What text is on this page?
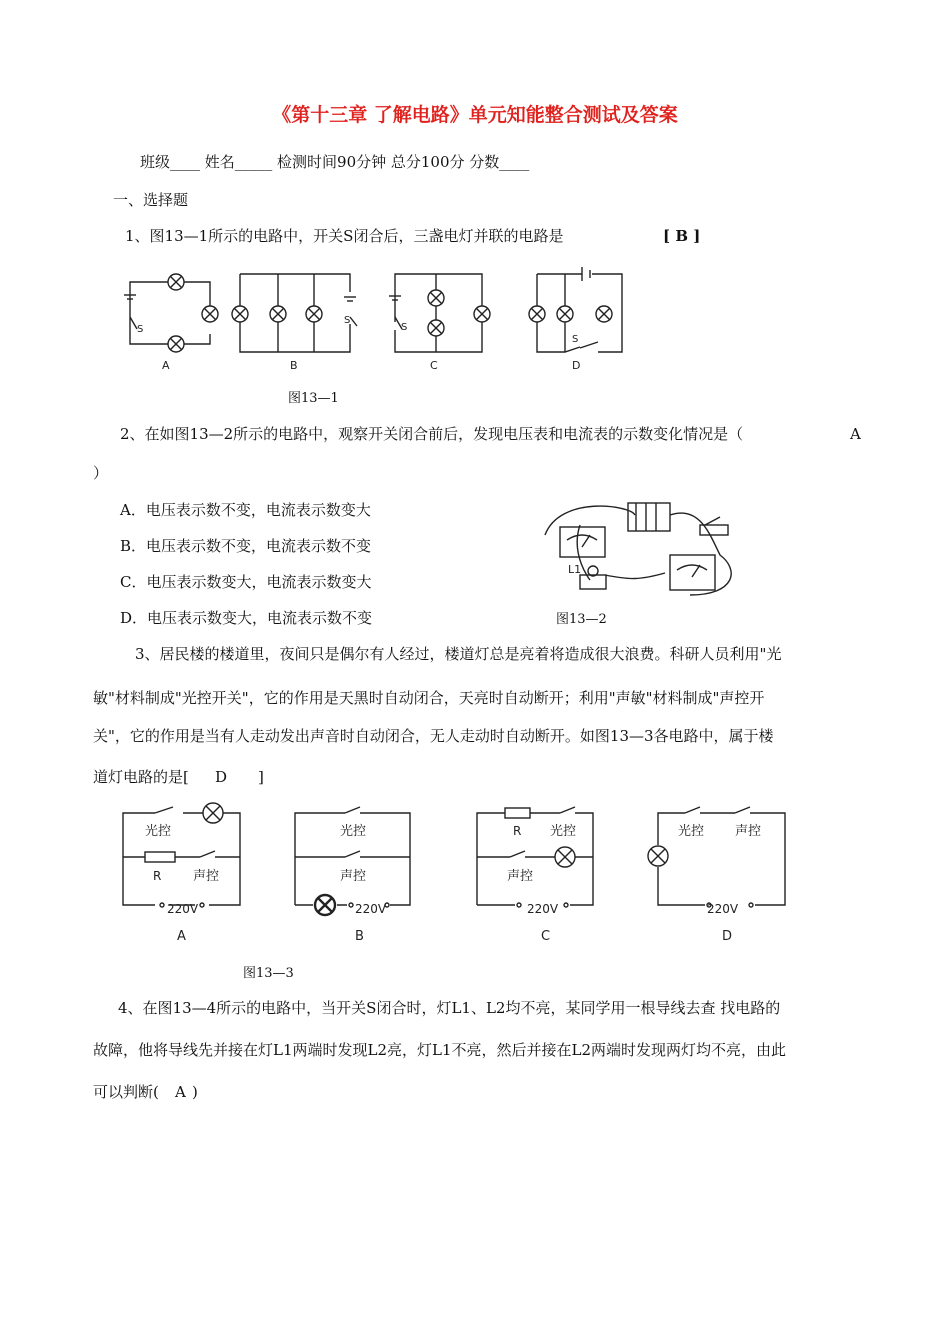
《第十三章 了解电路》单元知能整合测试及答案
班级____ 姓名_____ 检测时间90分钟 总分100分 分数____
一、选择题
1、图13—1所示的电路中，开关S闭合后，三盏电灯并联的电路是	[ B ]
S
A
S
B
S
C
S
D
图13—1
2、在如图13—2所示的电路中，观察开关闭合前后，发现电压表和电流表的示数变化情况是（	A
）
A．电压表示数不变，电流表示数变大
B．电压表示数不变，电流表示数不变
C．电压表示数变大，电流表示数变大
D．电压表示数变大，电流表示数不变
L1
图13—2
3、居民楼的楼道里，夜间只是偶尔有人经过，楼道灯总是亮着将造成很大浪费。科研人员利用"光
敏"材料制成"光控开关"，它的作用是天黑时自动闭合，天亮时自动断开；利用"声敏"材料制成"声控开
关"，它的作用是当有人走动发出声音时自动闭合，无人走动时自动断开。如图13—3各电路中，属于楼
道灯电路的是[ D ]
光控
声控
R
220V
A
光控
声控
220V
B
R 光控
声控
220V
C
光控 声控
220V
D
图13—3
4、在图13—4所示的电路中，当开关S闭合时，灯L1、L2均不亮，某同学用一根导线去查 找电路的
故障，他将导线先并接在灯L1两端时发现L2亮，灯L1不亮，然后并接在L2两端时发现两灯均不亮，由此
可以判断( A )
